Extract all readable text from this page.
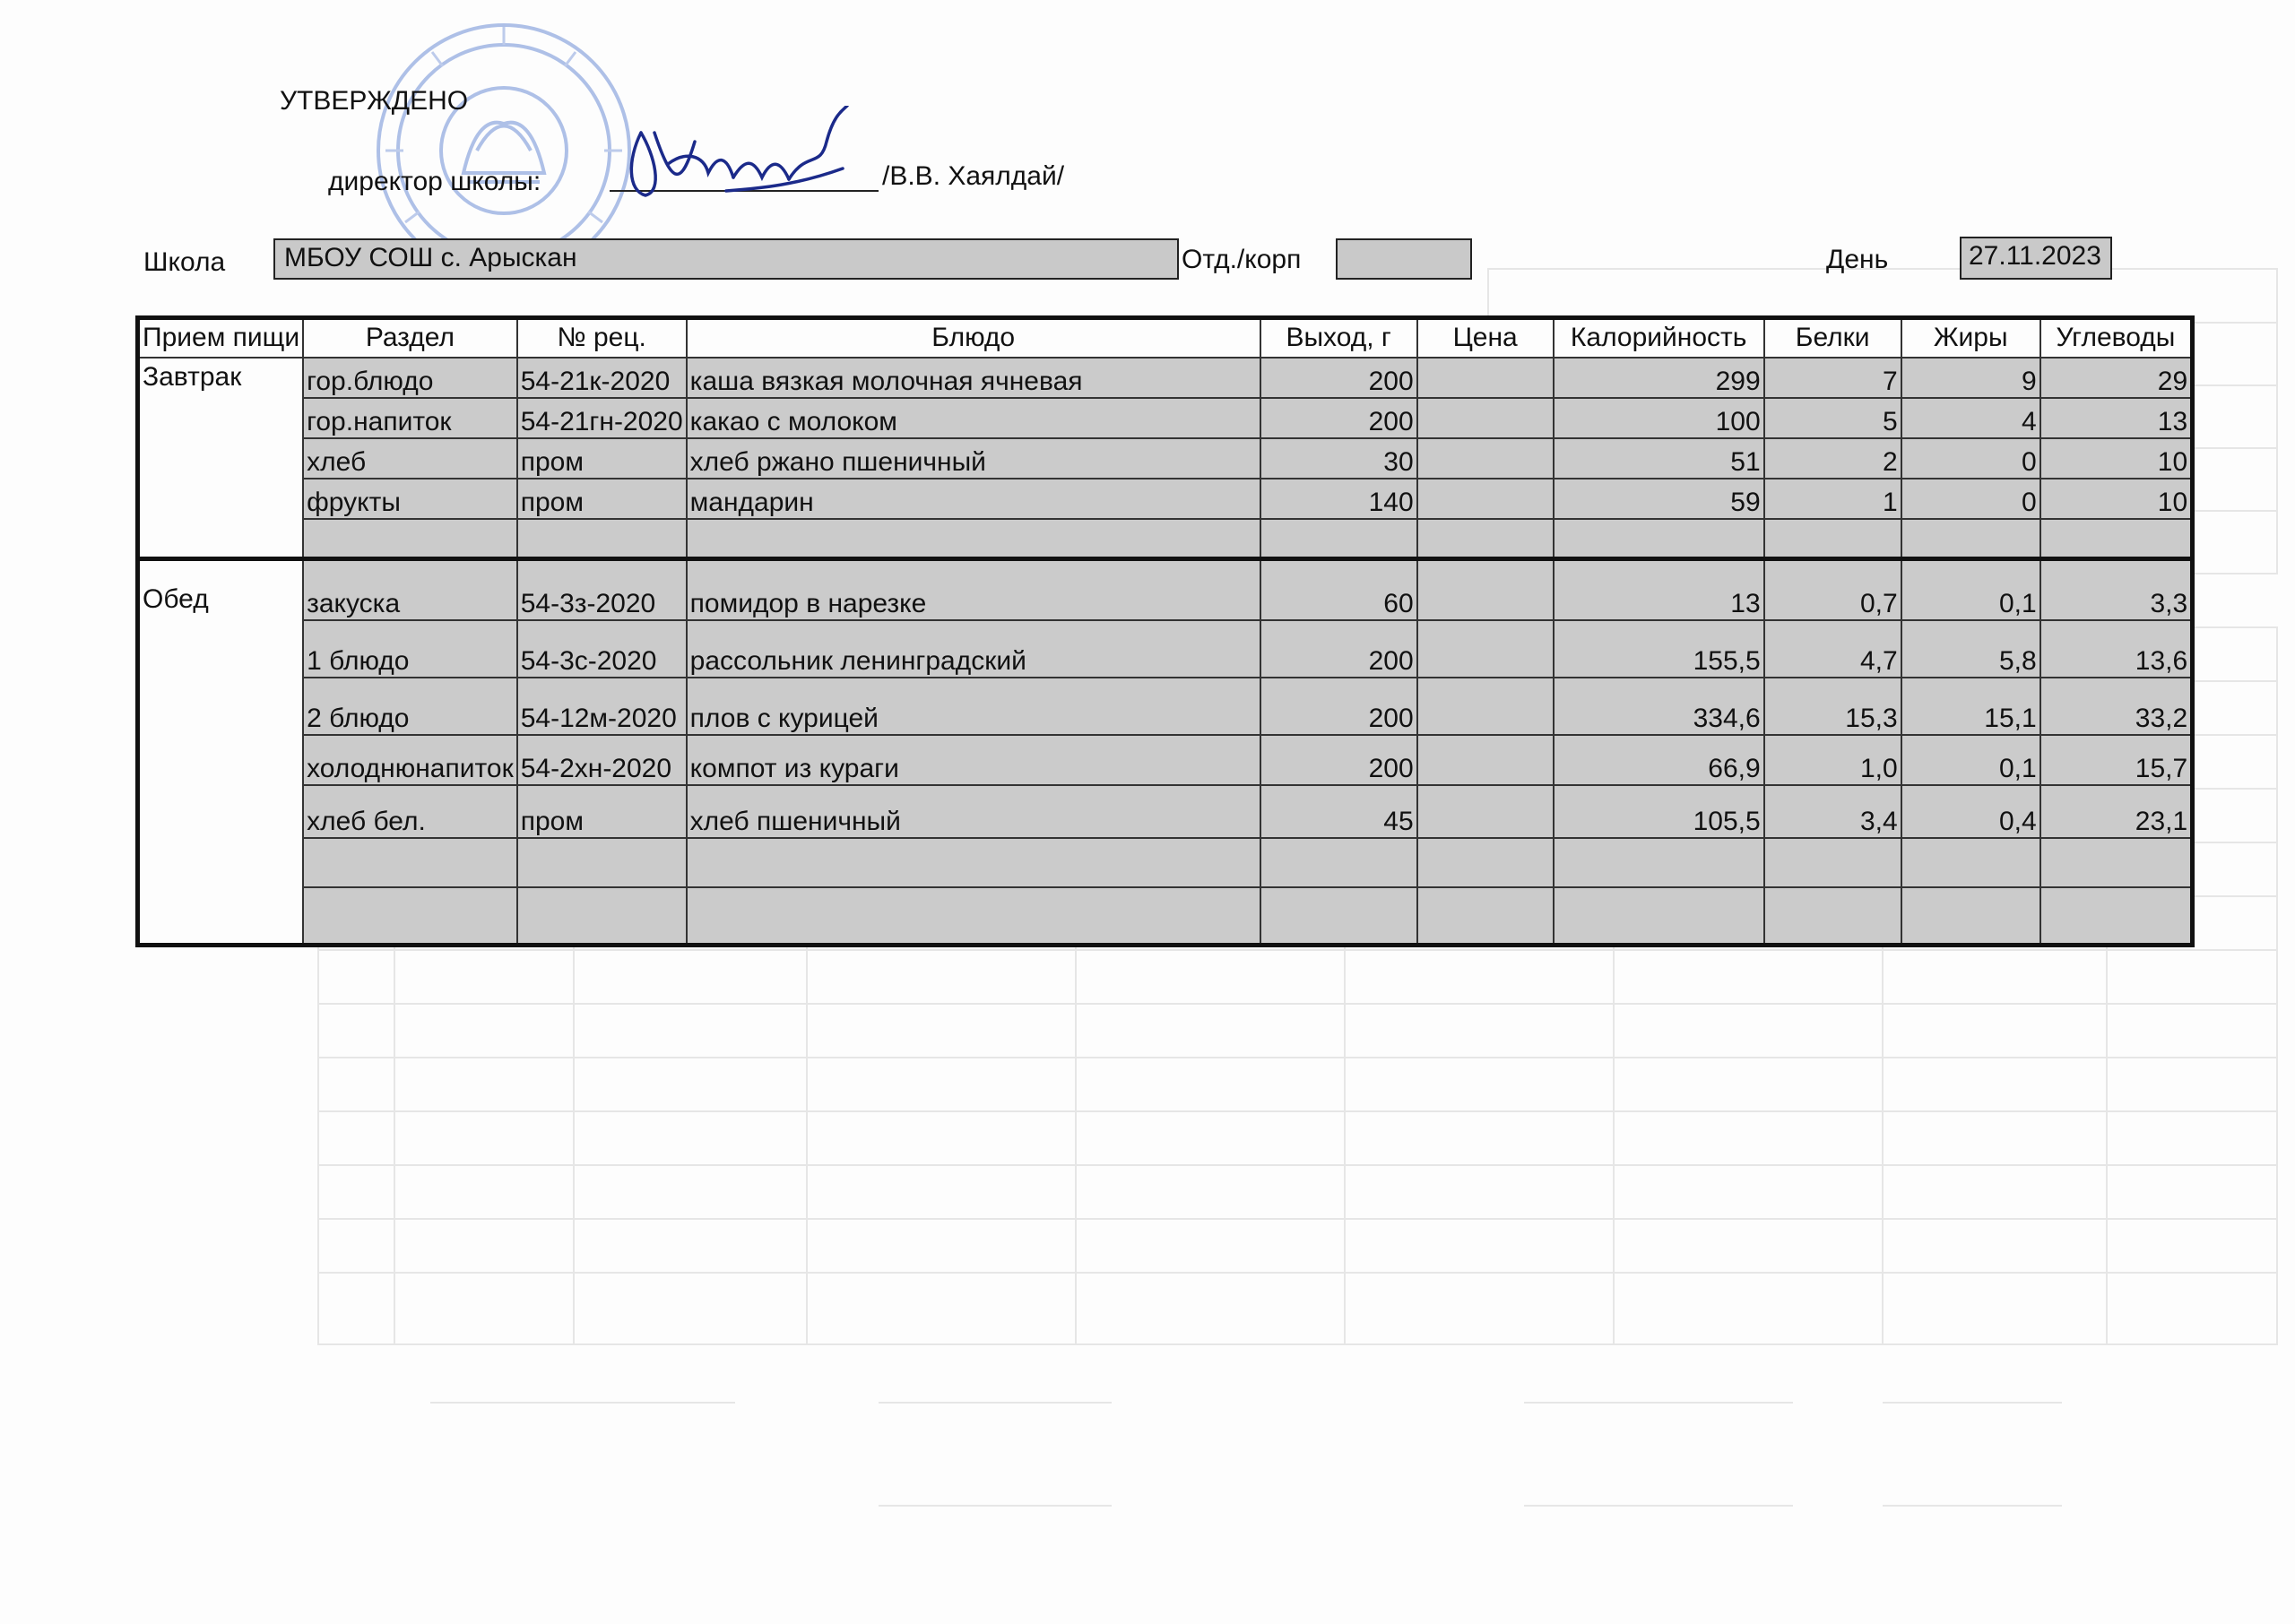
УТВЕРЖДЕНО
директор школы:	/В.В. Хаялдай/
Школа	МБОУ СОШ с. Арыскан	Отд./корп	День	27.11.2023
Прием пищи	Раздел	№ рец.	Блюдо	Выход, г	Цена	Калорийность	Белки	Жиры	Углеводы
Завтрак	гор.блюдо	54-21к-2020	каша вязкая молочная ячневая	200		299	7	9	29
	гор.напиток	54-21гн-2020	какао с молоком	200		100	5	4	13
	хлеб	пром	хлеб ржано пшеничный	30		51	2	0	10
	фрукты	пром	мандарин	140		59	1	0	10

Обед	закуска	54-3з-2020	помидор в нарезке	60		13	0,7	0,1	3,3
	1 блюдо	54-3с-2020	рассольник ленинградский	200		155,5	4,7	5,8	13,6
	2 блюдо	54-12м-2020	плов с курицей	200		334,6	15,3	15,1	33,2
	холоднюнапиток	54-2хн-2020	компот из кураги	200		66,9	1,0	0,1	15,7
	хлеб бел.	пром	хлеб пшеничный	45		105,5	3,4	0,4	23,1
